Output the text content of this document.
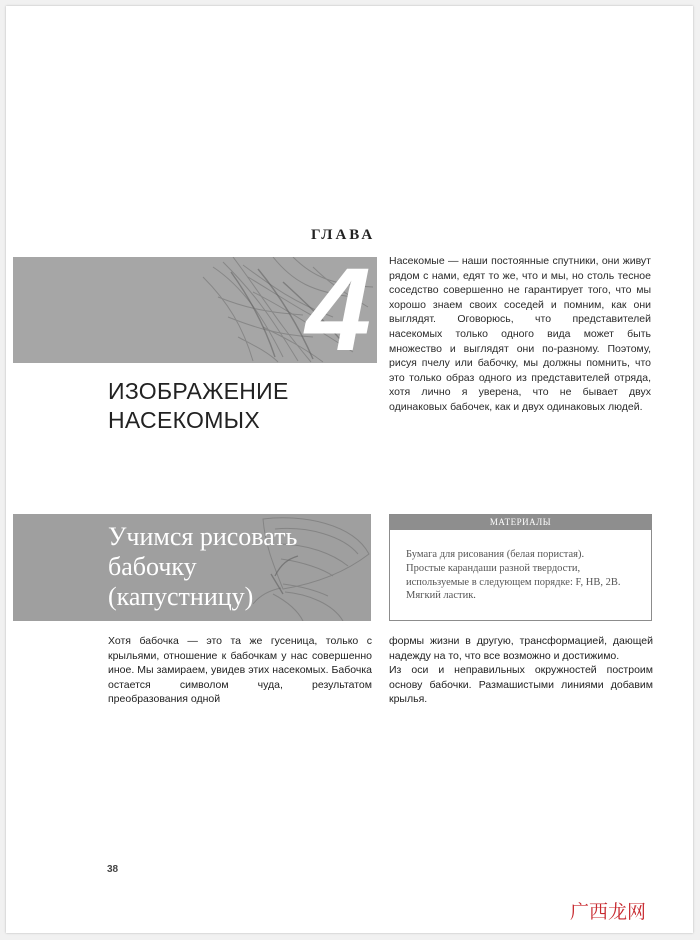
ГЛАВА
4
ИЗОБРАЖЕНИЕ
НАСЕКОМЫХ
Насекомые — наши постоянные спутники, они живут рядом с нами, едят то же, что и мы, но столь тесное соседство совершенно не гарантирует того, что мы хорошо знаем своих соседей и помним, как они выглядят. Оговорюсь, что представителей насекомых только одного вида может быть множество и выглядят они по-разному. Поэтому, рисуя пчелу или бабочку, мы должны помнить, что это только образ одного из представителей отряда, хотя лично я уверена, что не бывает двух одинаковых бабочек, как и двух одинаковых людей.
Учимся рисовать
бабочку
(капустницу)
МАТЕРИАЛЫ
Бумага для рисования (белая пористая).
Простые карандаши разной твердости, используемые в следующем порядке: F, HB, 2B.
Мягкий ластик.
Хотя бабочка — это та же гусеница, только с крыльями, отношение к бабочкам у нас совершенно иное. Мы замираем, увидев этих насекомых. Бабочка остается символом чуда, результатом преобразования одной
формы жизни в другую, трансформацией, дающей надежду на то, что все возможно и достижимо.
Из оси и неправильных окружностей построим основу бабочки. Размашистыми линиями добавим крылья.
38
广西龙网
